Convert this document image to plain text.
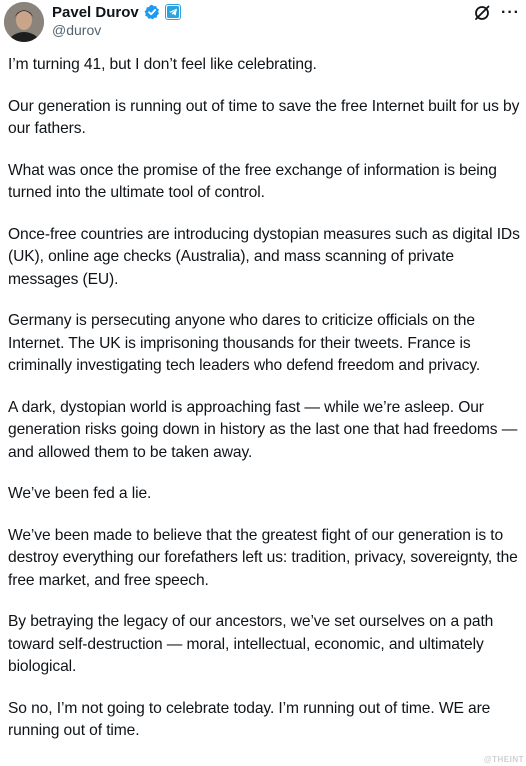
Pavel Durov
@durov
···

I’m turning 41, but I don’t feel like celebrating.

Our generation is running out of time to save the free Internet built for us by our fathers.

What was once the promise of the free exchange of information is being turned into the ultimate tool of control.

Once-free countries are introducing dystopian measures such as digital IDs (UK), online age checks (Australia), and mass scanning of private messages (EU).

Germany is persecuting anyone who dares to criticize officials on the Internet. The UK is imprisoning thousands for their tweets. France is criminally investigating tech leaders who defend freedom and privacy.

A dark, dystopian world is approaching fast — while we’re asleep. Our generation risks going down in history as the last one that had freedoms — and allowed them to be taken away.

We’ve been fed a lie.

We’ve been made to believe that the greatest fight of our generation is to destroy everything our forefathers left us: tradition, privacy, sovereignty, the free market, and free speech.

By betraying the legacy of our ancestors, we’ve set ourselves on a path toward self-destruction — moral, intellectual, economic, and ultimately biological.

So no, I’m not going to celebrate today. I’m running out of time. WE are running out of time.

@THEINT
